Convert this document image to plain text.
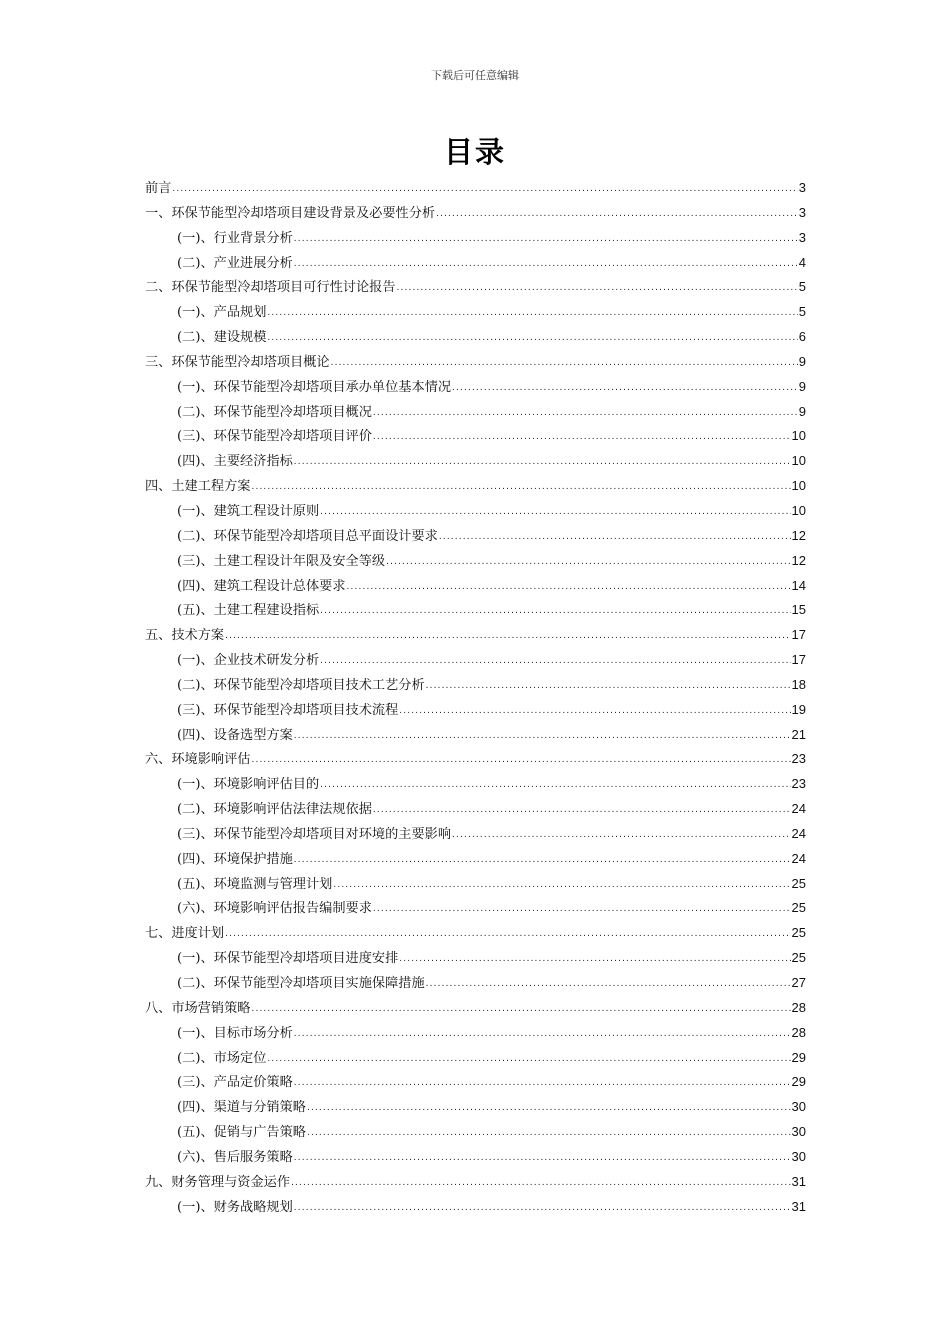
下载后可任意编辑
目录
前言 .....	3
一、环保节能型冷却塔项目建设背景及必要性分析 .....	3
(一)、行业背景分析 .....	3
(二)、产业进展分析 .....	4
二、环保节能型冷却塔项目可行性讨论报告 .....	5
(一)、产品规划 .....	5
(二)、建设规模 .....	6
三、环保节能型冷却塔项目概论 .....	9
(一)、环保节能型冷却塔项目承办单位基本情况 .....	9
(二)、环保节能型冷却塔项目概况 .....	9
(三)、环保节能型冷却塔项目评价 .....	10
(四)、主要经济指标 .....	10
四、土建工程方案 .....	10
(一)、建筑工程设计原则 .....	10
(二)、环保节能型冷却塔项目总平面设计要求 .....	12
(三)、土建工程设计年限及安全等级 .....	12
(四)、建筑工程设计总体要求 .....	14
(五)、土建工程建设指标 .....	15
五、技术方案 .....	17
(一)、企业技术研发分析 .....	17
(二)、环保节能型冷却塔项目技术工艺分析 .....	18
(三)、环保节能型冷却塔项目技术流程 .....	19
(四)、设备选型方案 .....	21
六、环境影响评估 .....	23
(一)、环境影响评估目的 .....	23
(二)、环境影响评估法律法规依据 .....	24
(三)、环保节能型冷却塔项目对环境的主要影响 .....	24
(四)、环境保护措施 .....	24
(五)、环境监测与管理计划 .....	25
(六)、环境影响评估报告编制要求 .....	25
七、进度计划 .....	25
(一)、环保节能型冷却塔项目进度安排 .....	25
(二)、环保节能型冷却塔项目实施保障措施 .....	27
八、市场营销策略 .....	28
(一)、目标市场分析 .....	28
(二)、市场定位 .....	29
(三)、产品定价策略 .....	29
(四)、渠道与分销策略 .....	30
(五)、促销与广告策略 .....	30
(六)、售后服务策略 .....	30
九、财务管理与资金运作 .....	31
(一)、财务战略规划 .....	31
